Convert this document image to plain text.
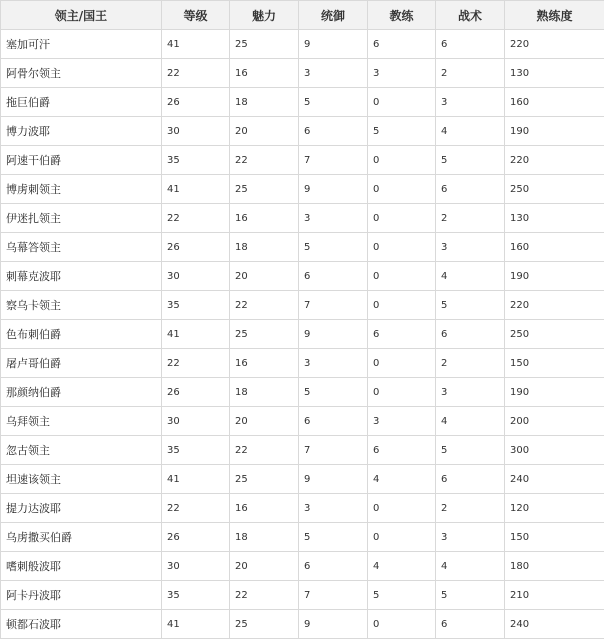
领主/国王	等级	魅力	统御	教练	战术	熟练度
塞加可汗	41	25	9	6	6	220
阿骨尔领主	22	16	3	3	2	130
拖巨伯爵	26	18	5	0	3	160
博力波耶	30	20	6	5	4	190
阿速干伯爵	35	22	7	0	5	220
博虏刺领主	41	25	9	0	6	250
伊迷扎领主	22	16	3	0	2	130
乌幕答领主	26	18	5	0	3	160
刺幕克波耶	30	20	6	0	4	190
察乌卡领主	35	22	7	0	5	220
色布刺伯爵	41	25	9	6	6	250
屠卢哥伯爵	22	16	3	0	2	150
那颜纳伯爵	26	18	5	0	3	190
乌拜领主	30	20	6	3	4	200
忽古领主	35	22	7	6	5	300
坦速该领主	41	25	9	4	6	240
提力达波耶	22	16	3	0	2	120
乌虏撒买伯爵	26	18	5	0	3	150
嗜刺般波耶	30	20	6	4	4	180
阿卡丹波耶	35	22	7	5	5	210
顿都石波耶	41	25	9	0	6	240
